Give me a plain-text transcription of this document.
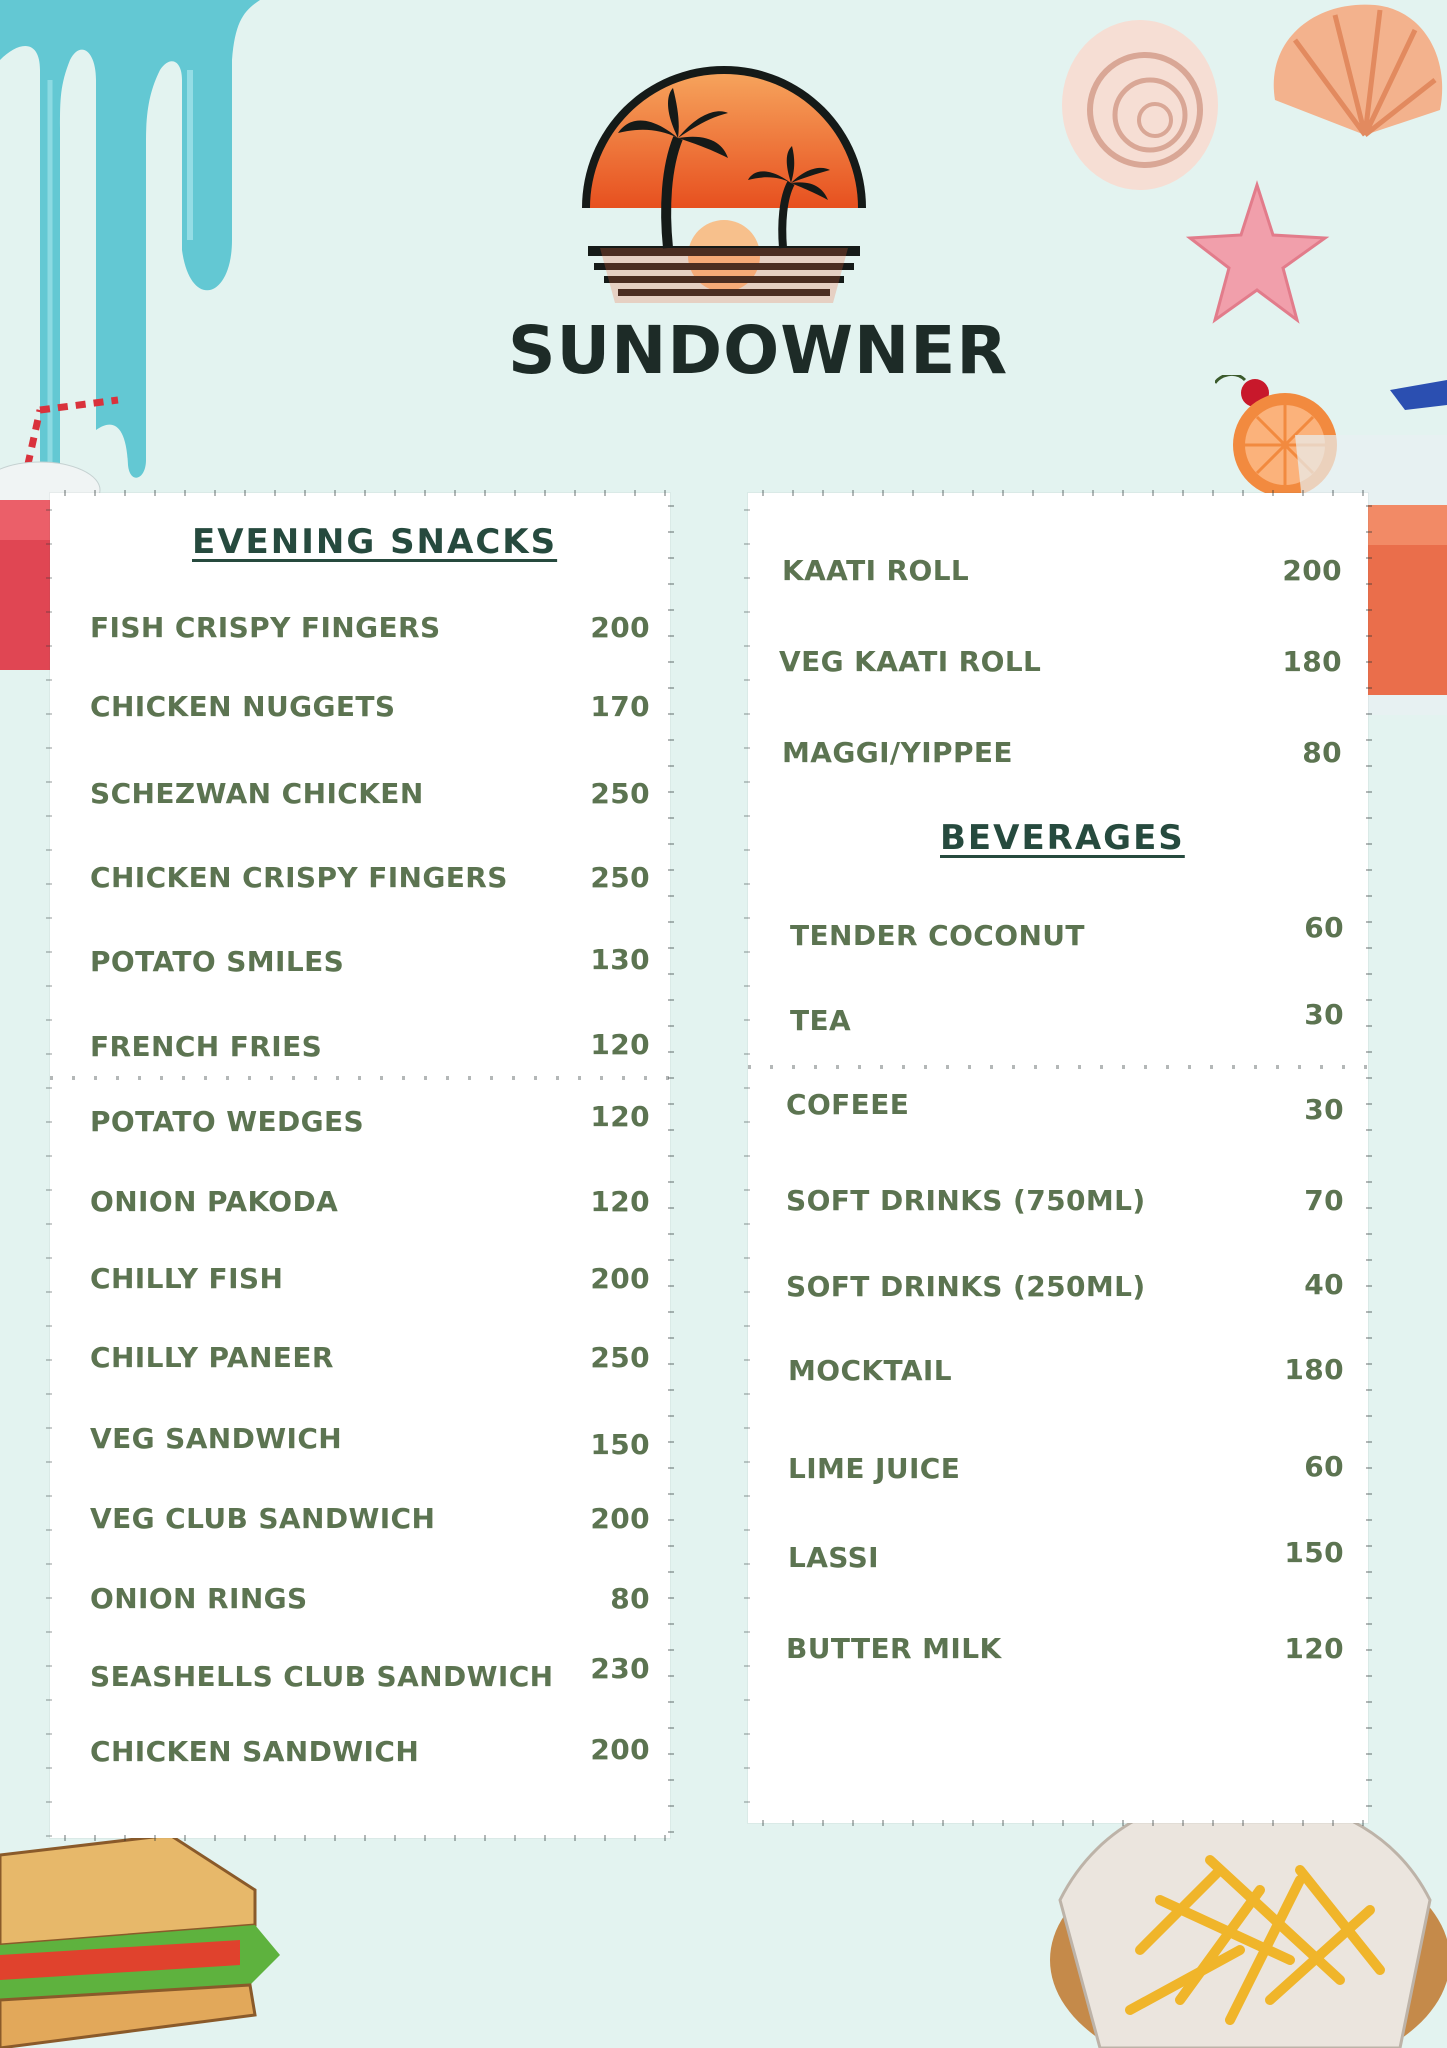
SUNDOWNER
EVENING SNACKS
FISH CRISPY FINGERS	200
CHICKEN NUGGETS	170
SCHEZWAN CHICKEN	250
CHICKEN CRISPY FINGERS	250
POTATO SMILES	130
FRENCH FRIES	120
POTATO WEDGES	120
ONION PAKODA	120
CHILLY FISH	200
CHILLY PANEER	250
VEG SANDWICH	150
VEG CLUB SANDWICH	200
ONION RINGS	80
SEASHELLS CLUB SANDWICH	230
CHICKEN SANDWICH	200
KAATI ROLL	200
VEG KAATI ROLL	180
MAGGI/YIPPEE	80
BEVERAGES
TENDER COCONUT	60
TEA	30
COFEEE	30
SOFT DRINKS (750ML)	70
SOFT DRINKS (250ML)	40
MOCKTAIL	180
LIME JUICE	60
LASSI	150
BUTTER MILK	120
